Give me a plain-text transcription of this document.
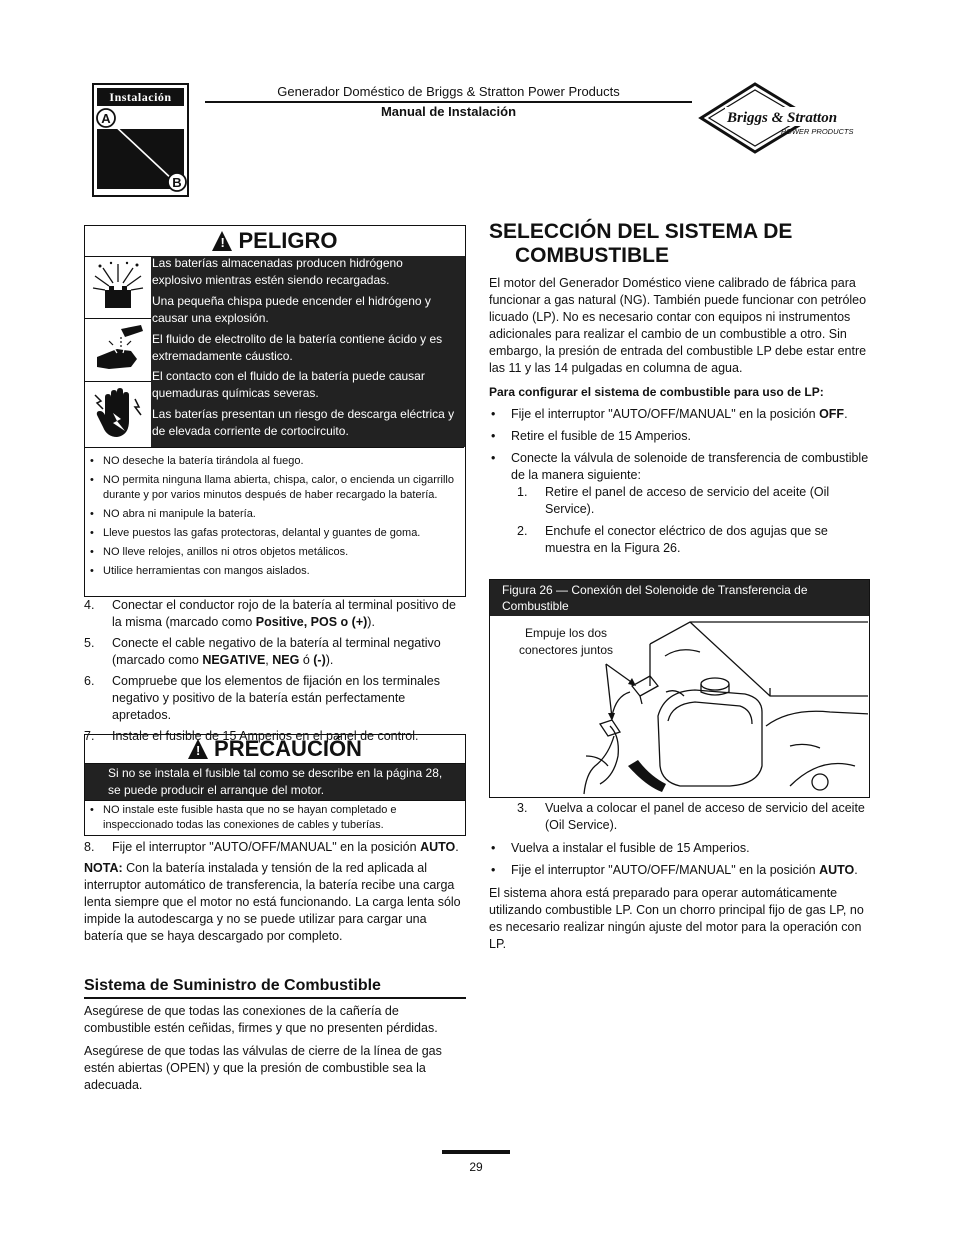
Instalación
A
B
Generador Doméstico de Briggs & Stratton Power Products
Manual de Instalación	Briggs & Stratton
POWER PRODUCTS
! PELIGRO
Las baterías almacenadas producen hidrógeno explosivo mientras estén siendo recargadas.
Una pequeña chispa puede encender el hidrógeno y causar una explosión.
El fluido de electrolito de la batería contiene ácido y es extremadamente cáustico.
El contacto con el fluido de la batería puede causar quemaduras químicas severas.
Las baterías presentan un riesgo de descarga eléctrica y de elevada corriente de cortocircuito.
• NO deseche la batería tirándola al fuego.
• NO permita ninguna llama abierta, chispa, calor, o encienda un cigarrillo durante y por varios minutos después de haber recargado la batería.
• NO abra ni manipule la batería.
• Lleve puestos las gafas protectoras, delantal y guantes de goma.
• NO lleve relojes, anillos ni otros objetos metálicos.
• Utilice herramientas con mangos aislados.
4. Conectar el conductor rojo de la batería al terminal positivo de la misma (marcado como Positive, POS o (+)).
5. Conecte el cable negativo de la batería al terminal negativo (marcado como NEGATIVE, NEG ó (-)).
6. Compruebe que los elementos de fijación en los terminales negativo y positivo de la batería están perfectamente apretados.
7. Instale el fusible de 15 Amperios en el panel de control.
! PRECAUCIÓN
Si no se instala el fusible tal como se describe en la página 28, se puede producir el arranque del motor.
• NO instale este fusible hasta que no se hayan completado e inspeccionado todas las conexiones de cables y tuberías.
8. Fije el interruptor "AUTO/OFF/MANUAL" en la posición AUTO.
NOTA: Con la batería instalada y tensión de la red aplicada al interruptor automático de transferencia, la batería recibe una carga lenta siempre que el motor no está funcionando. La carga lenta sólo impide la autodescarga y no se puede utilizar para cargar una batería que se haya descargado por completo.
Sistema de Suministro de Combustible
Asegúrese de que todas las conexiones de la cañería de combustible estén ceñidas, firmes y que no presenten pérdidas.
Asegúrese de que todas las válvulas de cierre de la línea de gas estén abiertas (OPEN) y que la presión de combustible sea la adecuada.
SELECCIÓN DEL SISTEMA DE
COMBUSTIBLE
El motor del Generador Doméstico viene calibrado de fábrica para funcionar a gas natural (NG). También puede funcionar con petróleo licuado (LP). No es necesario contar con equipos ni instrumentos adicionales para realizar el cambio de un combustible a otro. Sin embargo, la presión de entrada del combustible LP debe estar entre las 11 y las 14 pulgadas en columna de agua.
Para configurar el sistema de combustible para uso de LP:
• Fije el interruptor "AUTO/OFF/MANUAL" en la posición OFF.
• Retire el fusible de 15 Amperios.
• Conecte la válvula de solenoide de transferencia de combustible de la manera siguiente:
1. Retire el panel de acceso de servicio del aceite (Oil Service).
2. Enchufe el conector eléctrico de dos agujas que se muestra en la Figura 26.
Figura 26 — Conexión del Solenoide de Transferencia de Combustible
Empuje los dos conectores juntos
3. Vuelva a colocar el panel de acceso de servicio del aceite (Oil Service).
• Vuelva a instalar el fusible de 15 Amperios.
• Fije el interruptor "AUTO/OFF/MANUAL" en la posición AUTO.
El sistema ahora está preparado para operar automáticamente utilizando combustible LP. Con un chorro principal fijo de gas LP, no es necesario realizar ningún ajuste del motor para la operación con LP.
29
